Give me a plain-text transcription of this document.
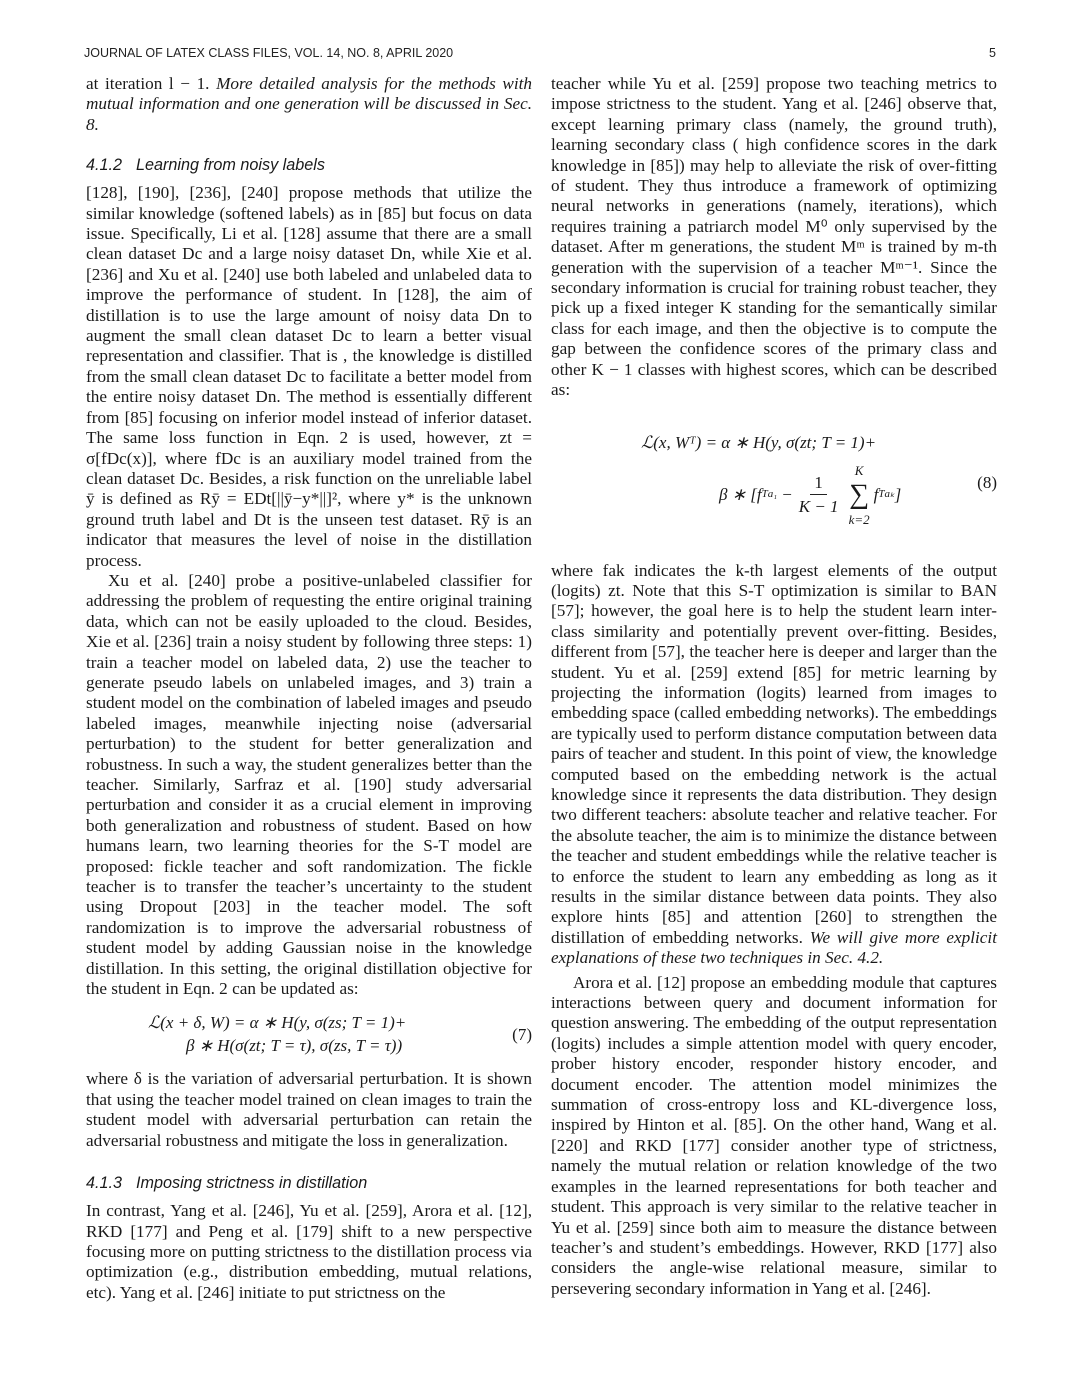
JOURNAL OF LATEX CLASS FILES, VOL. 14, NO. 8, APRIL 2020	5

at iteration l − 1. More detailed analysis for the methods with mutual information and one generation will be discussed in Sec. 8.

4.1.2 Learning from noisy labels

[128], [190], [236], [240] propose methods that utilize the similar knowledge (softened labels) as in [85] but focus on data issue. Specifically, Li et al. [128] assume that there are a small clean dataset Dc and a large noisy dataset Dn, while Xie et al. [236] and Xu et al. [240] use both labeled and unlabeled data to improve the performance of student. In [128], the aim of distillation is to use the large amount of noisy data Dn to augment the small clean dataset Dc to learn a better visual representation and classifier. That is , the knowledge is distilled from the small clean dataset Dc to facilitate a better model from the entire noisy dataset Dn. The method is essentially different from [85] focusing on inferior model instead of inferior dataset. The same loss function in Eqn. 2 is used, however, zt = σ[fDc(x)], where fDc is an auxiliary model trained from the clean dataset Dc. Besides, a risk function on the unreliable label ȳ is defined as Rȳ = EDt[||ȳ−y*||]², where y* is the unknown ground truth label and Dt is the unseen test dataset. Rȳ is an indicator that measures the level of noise in the distillation process.

Xu et al. [240] probe a positive-unlabeled classifier for addressing the problem of requesting the entire original training data, which can not be easily uploaded to the cloud. Besides, Xie et al. [236] train a noisy student by following three steps: 1) train a teacher model on labeled data, 2) use the teacher to generate pseudo labels on unlabeled images, and 3) train a student model on the combination of labeled images and pseudo labeled images, meanwhile injecting noise (adversarial perturbation) to the student for better generalization and robustness. In such a way, the student generalizes better than the teacher. Similarly, Sarfraz et al. [190] study adversarial perturbation and consider it as a crucial element in improving both generalization and robustness of student. Based on how humans learn, two learning theories for the S-T model are proposed: fickle teacher and soft randomization. The fickle teacher is to transfer the teacher’s uncertainty to the student using Dropout [203] in the teacher model. The soft randomization is to improve the adversarial robustness of student model by adding Gaussian noise in the knowledge distillation. In this setting, the original distillation objective for the student in Eqn. 2 can be updated as:

ℒ(x + δ, W) = α ∗ H(y, σ(zs; T = 1)+
β ∗ H(σ(zt; T = τ), σ(zs, T = τ))
(7)

where δ is the variation of adversarial perturbation. It is shown that using the teacher model trained on clean images to train the student model with adversarial perturbation can retain the adversarial robustness and mitigate the loss in generalization.

4.1.3 Imposing strictness in distillation

In contrast, Yang et al. [246], Yu et al. [259], Arora et al. [12], RKD [177] and Peng et al. [179] shift to a new perspective focusing more on putting strictness to the distillation process via optimization (e.g., distribution embedding, mutual relations, etc). Yang et al. [246] initiate to put strictness on the

teacher while Yu et al. [259] propose two teaching metrics to impose strictness to the student. Yang et al. [246] observe that, except learning primary class (namely, the ground truth), learning secondary class ( high confidence scores in the dark knowledge in [85]) may help to alleviate the risk of over-fitting of student. They thus introduce a framework of optimizing neural networks in generations (namely, iterations), which requires training a patriarch model M⁰ only supervised by the dataset. After m generations, the student Mᵐ is trained by m-th generation with the supervision of a teacher Mᵐ⁻¹. Since the secondary information is crucial for training robust teacher, they pick up a fixed integer K standing for the semantically similar class for each image, and then the objective is to compute the gap between the confidence scores of the primary class and other K − 1 classes with highest scores, which can be described as:

ℒ(x, Wᵀ) = α ∗ H(y, σ(zt; T = 1)+
β ∗ [f T $a_1 - \frac{1}{K - 1}$
K
∑
k=2
f T aₖ ]
(8)

where fak indicates the k-th largest elements of the output (logits) zt. Note that this S-T optimization is similar to BAN [57]; however, the goal here is to help the student learn inter-class similarity and potentially prevent over-fitting. Besides, different from [57], the teacher here is deeper and larger than the student. Yu et al. [259] extend [85] for metric learning by projecting the information (logits) learned from images to embedding space (called embedding networks). The embeddings are typically used to perform distance computation between data pairs of teacher and student. In this point of view, the knowledge computed based on the embedding network is the actual knowledge since it represents the data distribution. They design two different teachers: absolute teacher and relative teacher. For the absolute teacher, the aim is to minimize the distance between the teacher and student embeddings while the relative teacher is to enforce the student to learn any embedding as long as it results in the similar distance between data points. They also explore hints [85] and attention [260] to strengthen the distillation of embedding networks. We will give more explicit explanations of these two techniques in Sec. 4.2.

Arora et al. [12] propose an embedding module that captures interactions between query and document information for question answering. The embedding of the output representation (logits) includes a simple attention model with query encoder, prober history encoder, responder history encoder, and document encoder. The attention model minimizes the summation of cross-entropy loss and KL-divergence loss, inspired by Hinton et al. [85]. On the other hand, Wang et al. [220] and RKD [177] consider another type of strictness, namely the mutual relation or relation knowledge of the two examples in the learned representations for both teacher and student. This approach is very similar to the relative teacher in Yu et al. [259] since both aim to measure the distance between teacher’s and student’s embeddings. However, RKD [177] also considers the angle-wise relational measure, similar to persevering secondary information in Yang et al. [246].
